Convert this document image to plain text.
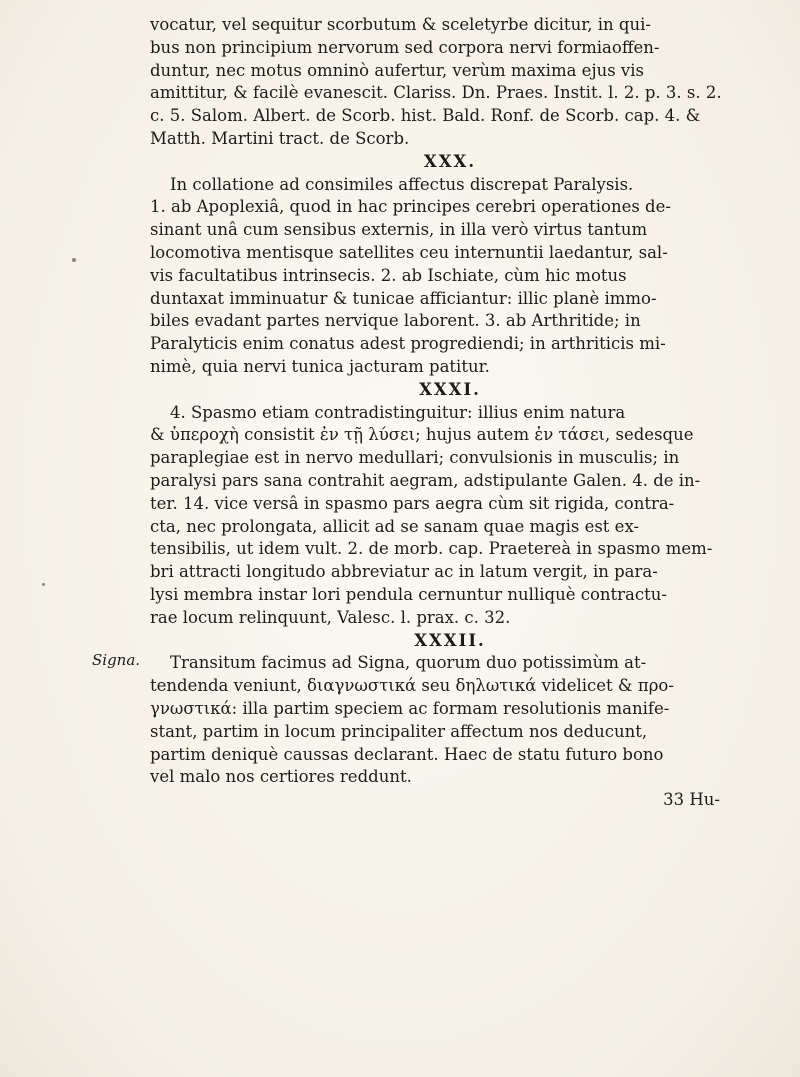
vocatur, vel sequitur scorbutum & sceletyrbe dicitur, in qui-
bus non principium nervorum sed corpora nervi formiaoffen-
duntur, nec motus omninò aufertur, verùm maxima ejus vis
amittitur, & facilè evanescit. Clariss. Dn. Praes. Instit. l. 2. p. 3. s. 2.
c. 5. Salom. Albert. de Scorb. hist. Bald. Ronf. de Scorb. cap. 4. &
Matth. Martini tract. de Scorb.
XXX.
In collatione ad consimiles affectus discrepat Paralysis.
1. ab Apoplexiâ, quod in hac principes cerebri operationes de-
sinant unâ cum sensibus externis, in illa verò virtus tantum
locomotiva mentisque satellites ceu internuntii laedantur, sal-
vis facultatibus intrinsecis. 2. ab Ischiate, cùm hic motus
duntaxat imminuatur & tunicae afficiantur: illic planè immo-
biles evadant partes nervique laborent. 3. ab Arthritide; in
Paralyticis enim conatus adest progrediendi; in arthriticis mi-
nimè, quia nervi tunica jacturam patitur.
XXXI.
4. Spasmo etiam contradistinguitur: illius enim natura
& ὑπεροχὴ consistit ἐν τῇ λύσει; hujus autem ἐν τάσει, sedesque
paraplegiae est in nervo medullari; convulsionis in musculis; in
paralysi pars sana contrahit aegram, adstipulante Galen. 4. de in-
ter. 14. vice versâ in spasmo pars aegra cùm sit rigida, contra-
cta, nec prolongata, allicit ad se sanam quae magis est ex-
tensibilis, ut idem vult. 2. de morb. cap. Praetereà in spasmo mem-
bri attracti longitudo abbreviatur ac in latum vergit, in para-
lysi membra instar lori pendula cernuntur nulliquè contractu-
rae locum relinquunt, Valesc. l. prax. c. 32.
XXXII.
Transitum facimus ad Signa, quorum duo potissimùm at-
tendenda veniunt, διαγνωστικά seu δηλωτικά videlicet & προ-
γνωστικά: illa partim speciem ac formam resolutionis manife-
stant, partim in locum principaliter affectum nos deducunt,
partim deniquè caussas declarant. Haec de statu futuro bono
vel malo nos certiores reddunt.
33 Hu-
Signa.
